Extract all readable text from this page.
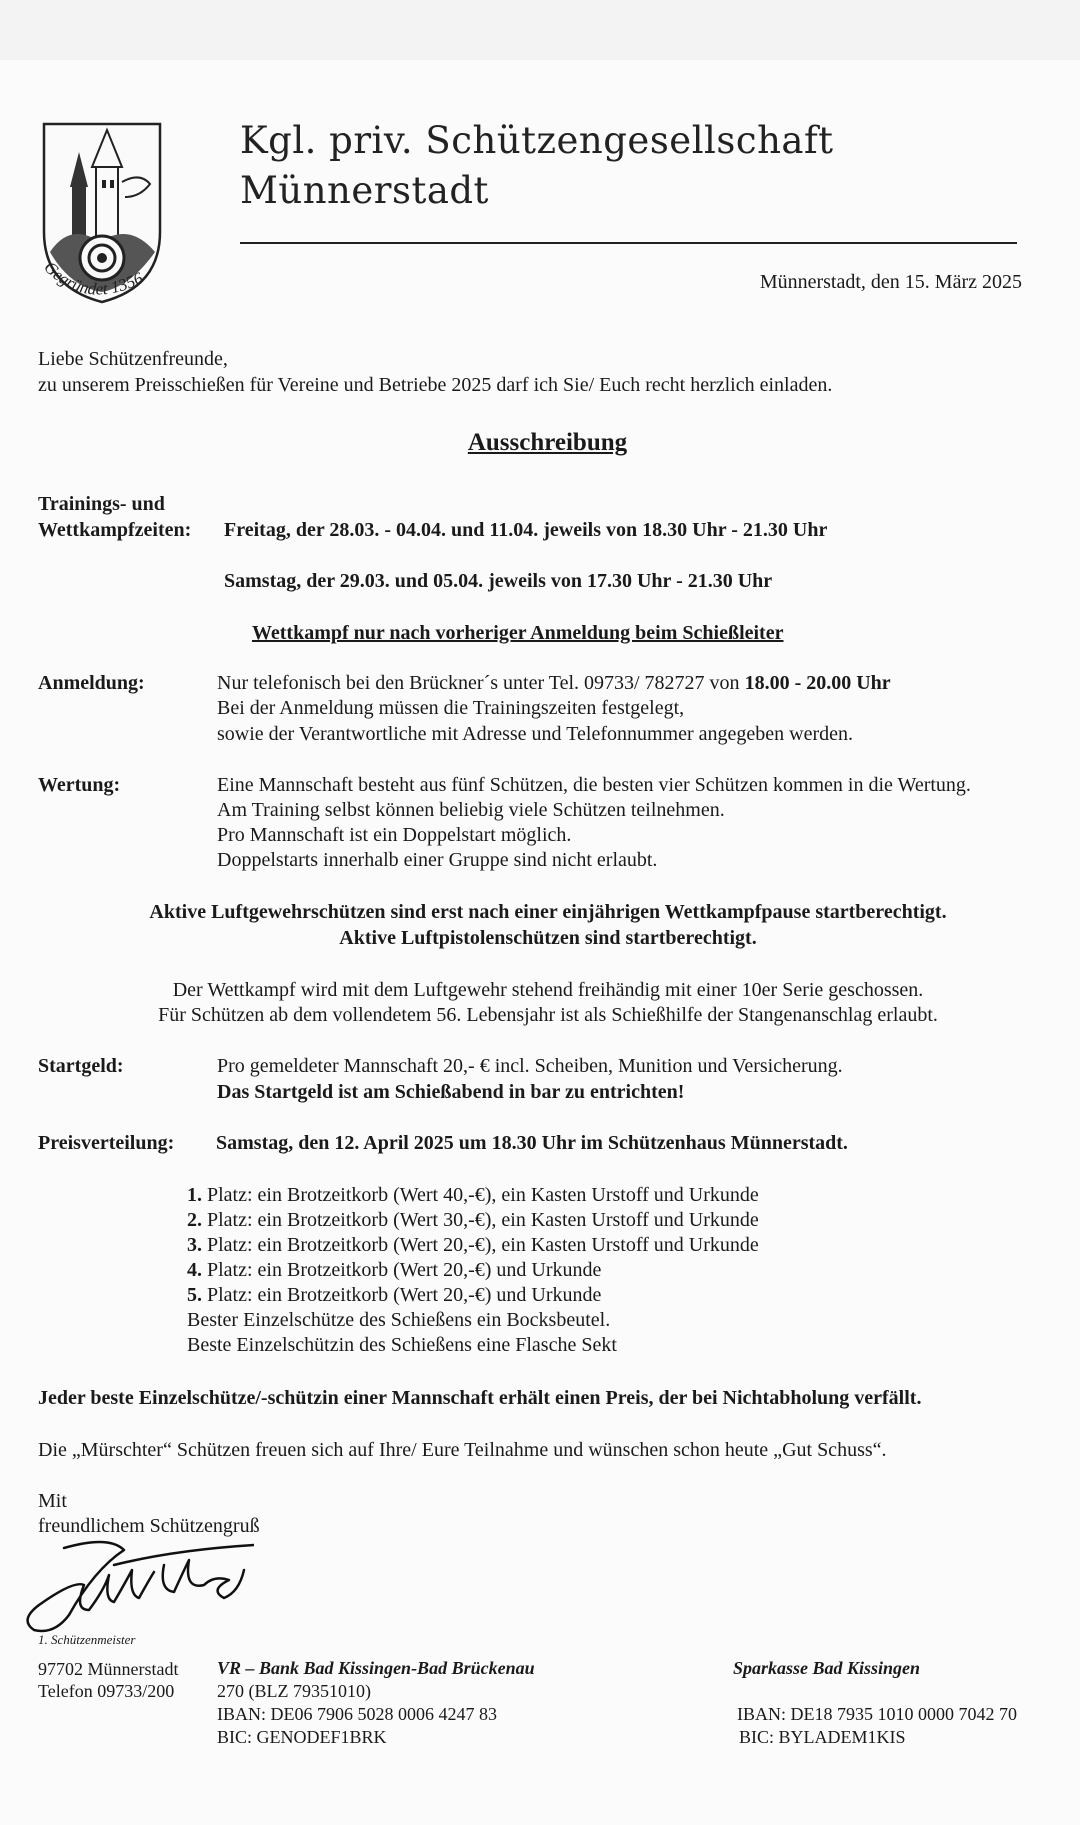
Gegründet 1356
Kgl. priv. Schützengesellschaft
Münnerstadt
Münnerstadt, den 15. März 2025
Liebe Schützenfreunde,
zu unserem Preisschießen für Vereine und Betriebe 2025 darf ich Sie/ Euch recht herzlich einladen.
Ausschreibung
Trainings- und
Wettkampfzeiten: Freitag, der 28.03. - 04.04. und 11.04. jeweils von 18.30 Uhr - 21.30 Uhr
Samstag, der 29.03. und 05.04. jeweils von 17.30 Uhr - 21.30 Uhr
Wettkampf nur nach vorheriger Anmeldung beim Schießleiter
Anmeldung:	Nur telefonisch bei den Brückner´s unter Tel. 09733/ 782727 von 18.00 - 20.00 Uhr
Bei der Anmeldung müssen die Trainingszeiten festgelegt,
sowie der Verantwortliche mit Adresse und Telefonnummer angegeben werden.
Wertung:	Eine Mannschaft besteht aus fünf Schützen, die besten vier Schützen kommen in die Wertung.
Am Training selbst können beliebig viele Schützen teilnehmen.
Pro Mannschaft ist ein Doppelstart möglich.
Doppelstarts innerhalb einer Gruppe sind nicht erlaubt.
Aktive Luftgewehrschützen sind erst nach einer einjährigen Wettkampfpause startberechtigt.
Aktive Luftpistolenschützen sind startberechtigt.
Der Wettkampf wird mit dem Luftgewehr stehend freihändig mit einer 10er Serie geschossen.
Für Schützen ab dem vollendetem 56. Lebensjahr ist als Schießhilfe der Stangenanschlag erlaubt.
Startgeld:	Pro gemeldeter Mannschaft 20,- € incl. Scheiben, Munition und Versicherung.
Das Startgeld ist am Schießabend in bar zu entrichten!
Preisverteilung: Samstag, den 12. April 2025 um 18.30 Uhr im Schützenhaus Münnerstadt.
1. Platz: ein Brotzeitkorb (Wert 40,-€), ein Kasten Urstoff und Urkunde
2. Platz: ein Brotzeitkorb (Wert 30,-€), ein Kasten Urstoff und Urkunde
3. Platz: ein Brotzeitkorb (Wert 20,-€), ein Kasten Urstoff und Urkunde
4. Platz: ein Brotzeitkorb (Wert 20,-€) und Urkunde
5. Platz: ein Brotzeitkorb (Wert 20,-€) und Urkunde
Bester Einzelschütze des Schießens ein Bocksbeutel.
Beste Einzelschützin des Schießens eine Flasche Sekt
Jeder beste Einzelschütze/-schützin einer Mannschaft erhält einen Preis, der bei Nichtabholung verfällt.
Die „Mürschter“ Schützen freuen sich auf Ihre/ Eure Teilnahme und wünschen schon heute „Gut Schuss“.
Mit
freundlichem Schützengruß
1. Schützenmeister
97702 Münnerstadt
Telefon 09733/200
VR – Bank Bad Kissingen-Bad Brückenau
270 (BLZ 79351010)
IBAN: DE06 7906 5028 0006 4247 83
BIC: GENODEF1BRK
Sparkasse Bad Kissingen
IBAN: DE18 7935 1010 0000 7042 70
BIC: BYLADEM1KIS
